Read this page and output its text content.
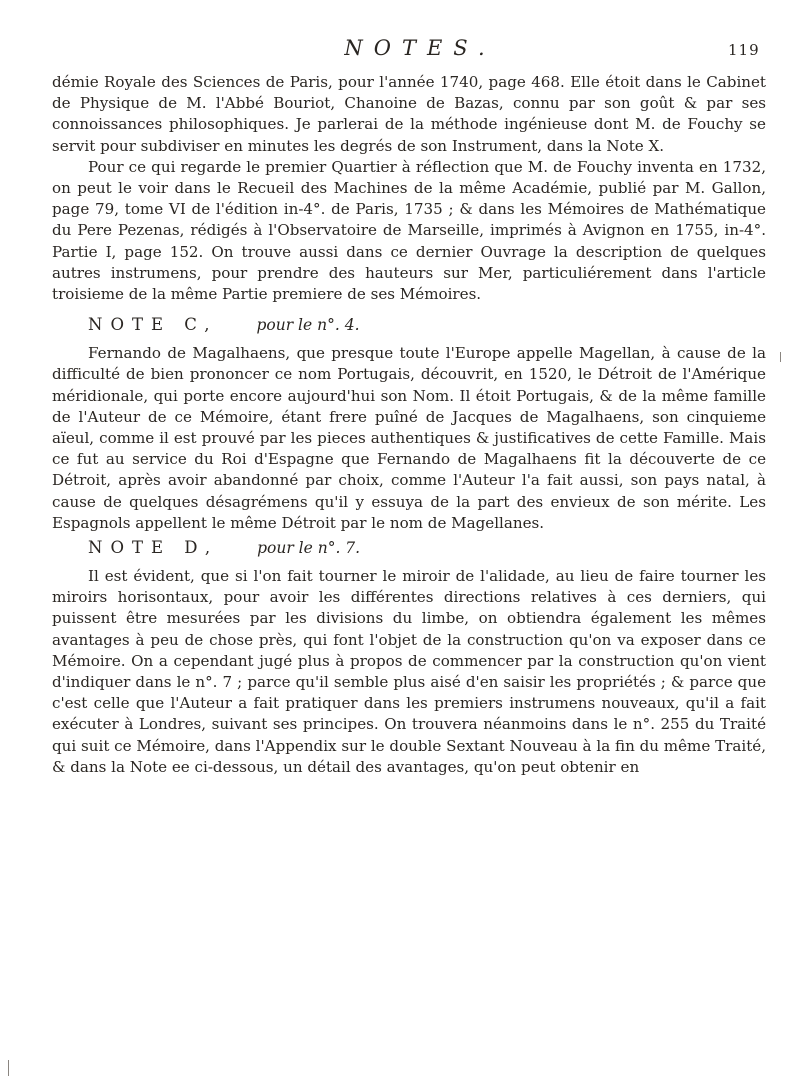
NOTES.	119

démie Royale des Sciences de Paris, pour l'année 1740, page 468. Elle étoit dans le Cabinet de Physique de M. l'Abbé Bouriot, Chanoine de Bazas, connu par son goût & par ses connoissances philosophiques. Je parlerai de la méthode ingénieuse dont M. de Fouchy se servit pour subdiviser en minutes les degrés de son Instrument, dans la Note X.

Pour ce qui regarde le premier Quartier à réflection que M. de Fouchy inventa en 1732, on peut le voir dans le Recueil des Machines de la même Académie, publié par M. Gallon, page 79, tome VI de l'édition in-4°. de Paris, 1735 ; & dans les Mémoires de Mathématique du Pere Pezenas, rédigés à l'Observatoire de Marseille, imprimés à Avignon en 1755, in-4°. Partie I, page 152. On trouve aussi dans ce dernier Ouvrage la description de quelques autres instrumens, pour prendre des hauteurs sur Mer, particuliérement dans l'article troisieme de la même Partie premiere de ses Mémoires.

NOTE C,	pour le n°. 4.

Fernando de Magalhaens, que presque toute l'Europe appelle Magellan, à cause de la difficulté de bien prononcer ce nom Portugais, découvrit, en 1520, le Détroit de l'Amérique méridionale, qui porte encore aujourd'hui son Nom. Il étoit Portugais, & de la même famille de l'Auteur de ce Mémoire, étant frere puîné de Jacques de Magalhaens, son cinquieme aïeul, comme il est prouvé par les pieces authentiques & justificatives de cette Famille. Mais ce fut au service du Roi d'Espagne que Fernando de Magalhaens fit la découverte de ce Détroit, après avoir abandonné par choix, comme l'Auteur l'a fait aussi, son pays natal, à cause de quelques désagrémens qu'il y essuya de la part des envieux de son mérite. Les Espagnols appellent le même Détroit par le nom de Magellanes.

NOTE D,	pour le n°. 7.

Il est évident, que si l'on fait tourner le miroir de l'alidade, au lieu de faire tourner les miroirs horisontaux, pour avoir les différentes directions relatives à ces derniers, qui puissent être mesurées par les divisions du limbe, on obtiendra également les mêmes avantages à peu de chose près, qui font l'objet de la construction qu'on va exposer dans ce Mémoire. On a cependant jugé plus à propos de commencer par la construction qu'on vient d'indiquer dans le n°. 7 ; parce qu'il semble plus aisé d'en saisir les propriétés ; & parce que c'est celle que l'Auteur a fait pratiquer dans les premiers instrumens nouveaux, qu'il a fait exécuter à Londres, suivant ses principes. On trouvera néanmoins dans le n°. 255 du Traité qui suit ce Mémoire, dans l'Appendix sur le double Sextant Nouveau à la fin du même Traité, & dans la Note ee ci-dessous, un détail des avantages, qu'on peut obtenir en
